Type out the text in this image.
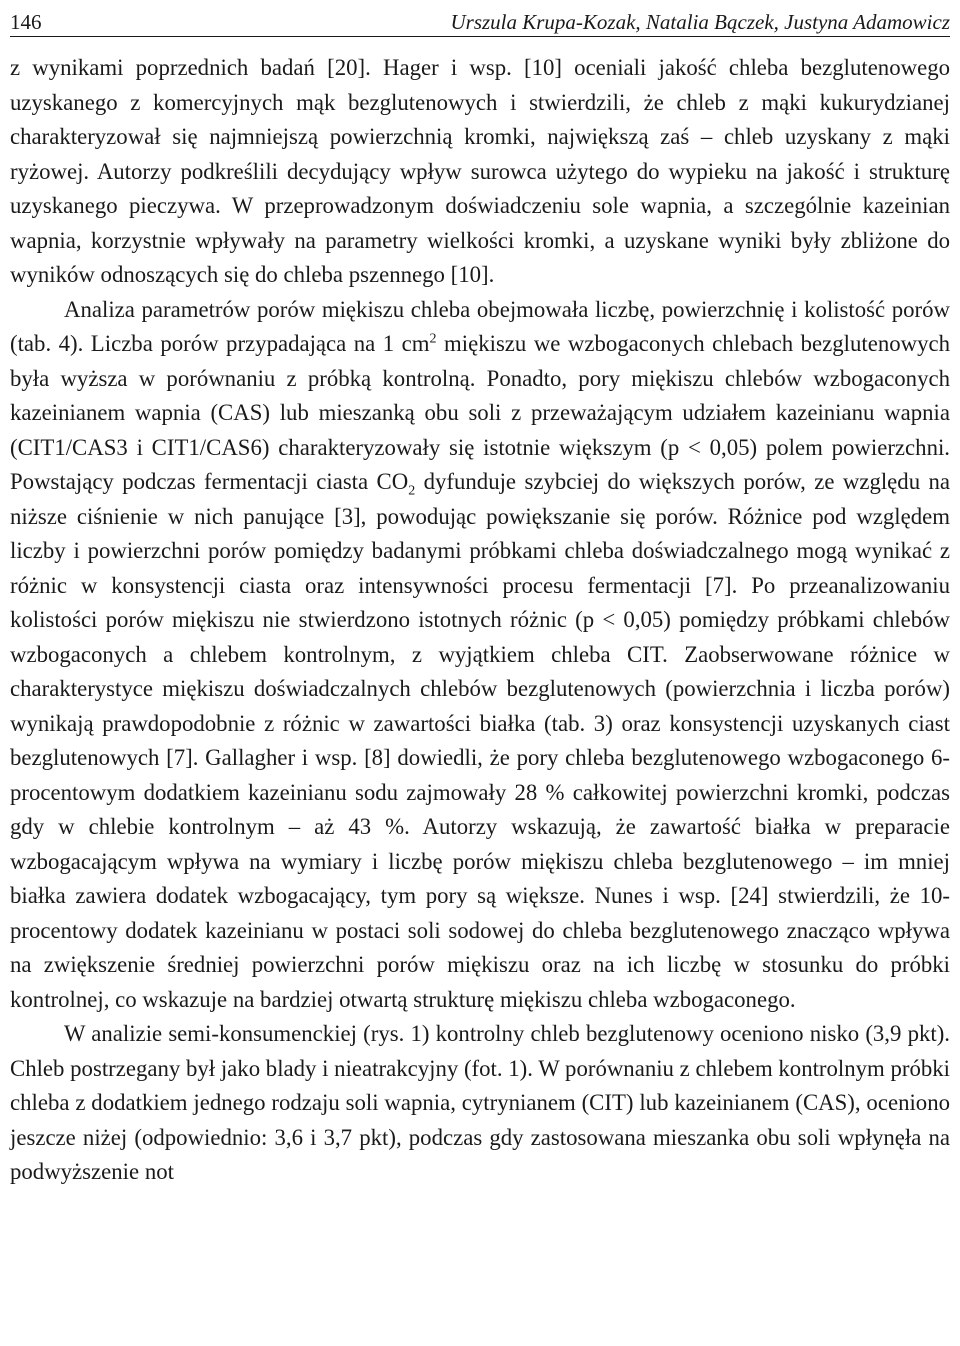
146	Urszula Krupa-Kozak, Natalia Bączek, Justyna Adamowicz

z wynikami poprzednich badań [20]. Hager i wsp. [10] oceniali jakość chleba bezglutenowego uzyskanego z komercyjnych mąk bezglutenowych i stwierdzili, że chleb z mąki kukurydzianej charakteryzował się najmniejszą powierzchnią kromki, największą zaś – chleb uzyskany z mąki ryżowej. Autorzy podkreślili decydujący wpływ surowca użytego do wypieku na jakość i strukturę uzyskanego pieczywa. W przeprowadzonym doświadczeniu sole wapnia, a szczególnie kazeinian wapnia, korzystnie wpływały na parametry wielkości kromki, a uzyskane wyniki były zbliżone do wyników odnoszących się do chleba pszennego [10].

Analiza parametrów porów miękiszu chleba obejmowała liczbę, powierzchnię i kolistość porów (tab. 4). Liczba porów przypadająca na 1 $cm^2$ miękiszu we wzbogaconych chlebach bezglutenowych była wyższa w porównaniu z próbką kontrolną. Ponadto, pory miękiszu chlebów wzbogaconych kazeinianem wapnia (CAS) lub mieszanką obu soli z przeważającym udziałem kazeinianu wapnia (CIT1/CAS3 i CIT1/CAS6) charakteryzowały się istotnie większym (p < 0,05) polem powierzchni. Powstający podczas fermentacji ciasta $CO_2$ dyfunduje szybciej do większych porów, ze względu na niższe ciśnienie w nich panujące [3], powodując powiększanie się porów. Różnice pod względem liczby i powierzchni porów pomiędzy badanymi próbkami chleba doświadczalnego mogą wynikać z różnic w konsystencji ciasta oraz intensywności procesu fermentacji [7]. Po przeanalizowaniu kolistości porów miękiszu nie stwierdzono istotnych różnic (p < 0,05) pomiędzy próbkami chlebów wzbogaconych a chlebem kontrolnym, z wyjątkiem chleba CIT. Zaobserwowane różnice w charakterystyce miękiszu doświadczalnych chlebów bezglutenowych (powierzchnia i liczba porów) wynikają prawdopodobnie z różnic w zawartości białka (tab. 3) oraz konsystencji uzyskanych ciast bezglutenowych [7]. Gallagher i wsp. [8] dowiedli, że pory chleba bezglutenowego wzbogaconego 6-procentowym dodatkiem kazeinianu sodu zajmowały 28 % całkowitej powierzchni kromki, podczas gdy w chlebie kontrolnym – aż 43 %. Autorzy wskazują, że zawartość białka w preparacie wzbogacającym wpływa na wymiary i liczbę porów miękiszu chleba bezglutenowego – im mniej białka zawiera dodatek wzbogacający, tym pory są większe. Nunes i wsp. [24] stwierdzili, że 10-procentowy dodatek kazeinianu w postaci soli sodowej do chleba bezglutenowego znacząco wpływa na zwiększenie średniej powierzchni porów miękiszu oraz na ich liczbę w stosunku do próbki kontrolnej, co wskazuje na bardziej otwartą strukturę miękiszu chleba wzbogaconego.

W analizie semi-konsumenckiej (rys. 1) kontrolny chleb bezglutenowy oceniono nisko (3,9 pkt). Chleb postrzegany był jako blady i nieatrakcyjny (fot. 1). W porównaniu z chlebem kontrolnym próbki chleba z dodatkiem jednego rodzaju soli wapnia, cytrynianem (CIT) lub kazeinianem (CAS), oceniono jeszcze niżej (odpowiednio: 3,6 i 3,7 pkt), podczas gdy zastosowana mieszanka obu soli wpłynęła na podwyższenie not
